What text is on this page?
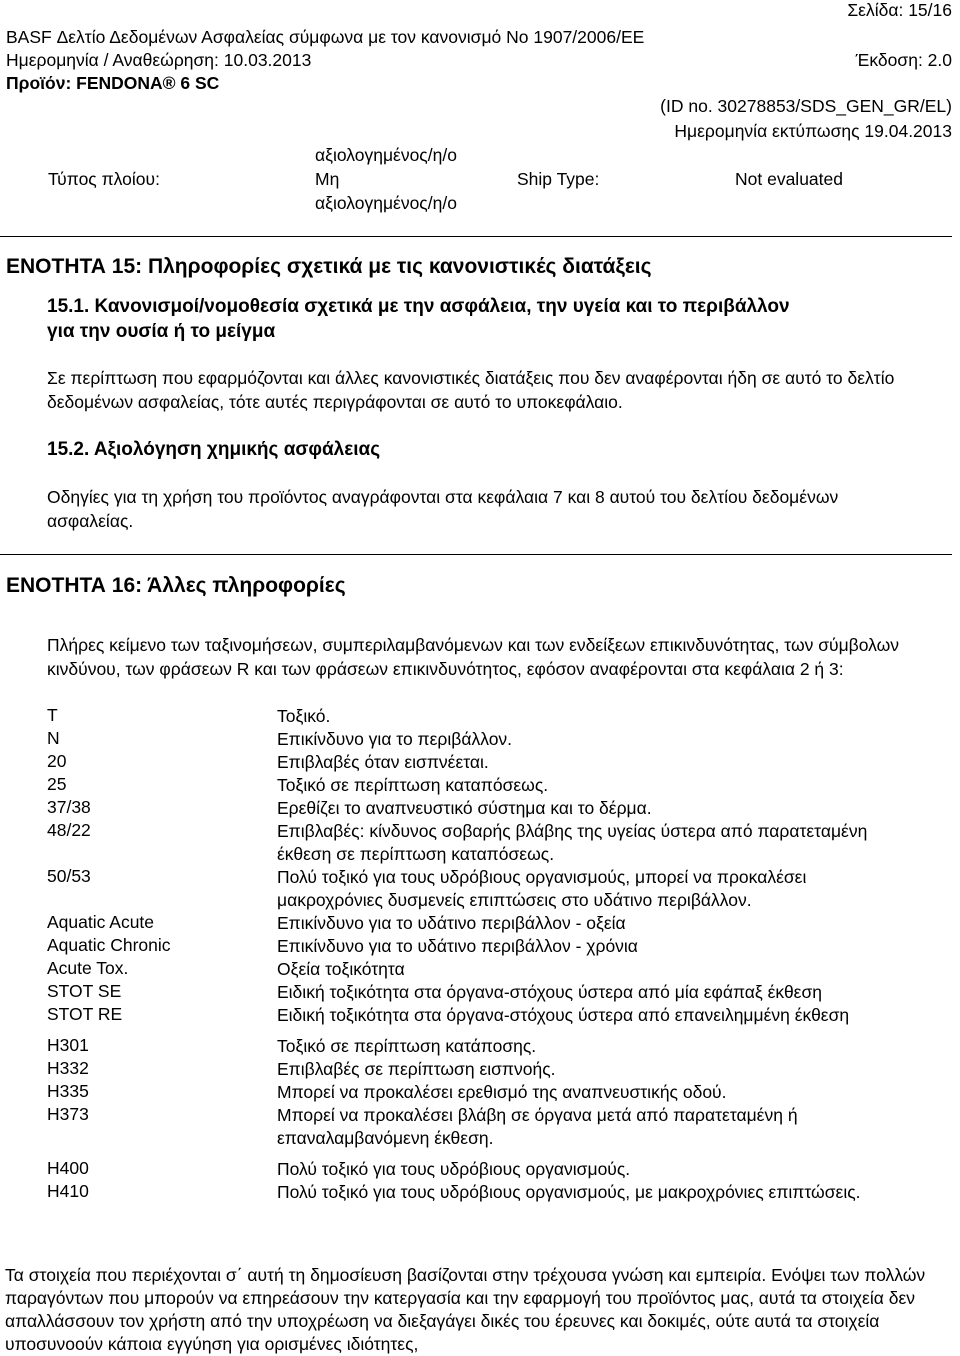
Σελίδα: 15/16
BASF Δελτίο Δεδομένων Ασφαλείας σύμφωνα με τον κανονισμό Νο 1907/2006/ΕΕ
Ημερομηνία / Αναθεώρηση: 10.03.2013	Έκδοση: 2.0
Προϊόν: FENDONA® 6 SC
(ID no. 30278853/SDS_GEN_GR/EL)
Ημερομηνία εκτύπωσης 19.04.2013
Τύπος πλοίου:
αξιολογημένος/η/ο
Μη
αξιολογημένος/η/ο
Ship Type:	Not evaluated
ΕΝΟΤΗΤΑ 15: Πληροφορίες σχετικά με τις κανονιστικές διατάξεις
15.1. Κανονισμοί/νομοθεσία σχετικά με την ασφάλεια, την υγεία και το περιβάλλον
για την ουσία ή το μείγμα
Σε περίπτωση που εφαρμόζονται και άλλες κανονιστικές διατάξεις που δεν αναφέρονται ήδη σε αυτό το δελτίο δεδομένων ασφαλείας, τότε αυτές περιγράφονται σε αυτό το υποκεφάλαιο.
15.2. Αξιολόγηση χημικής ασφάλειας
Οδηγίες για τη χρήση του προϊόντος αναγράφονται στα κεφάλαια 7 και 8 αυτού του δελτίου δεδομένων ασφαλείας.
ΕΝΟΤΗΤΑ 16: Άλλες πληροφορίες
Πλήρες κείμενο των ταξινομήσεων, συμπεριλαμβανόμενων και των ενδείξεων επικινδυνότητας, των σύμβολων κινδύνου, των φράσεων R και των φράσεων επικινδυνότητος, εφόσον αναφέρονται στα κεφάλαια 2 ή 3:
T	Τοξικό.
N	Επικίνδυνο για το περιβάλλον.
20	Επιβλαβές όταν εισπνέεται.
25	Τοξικό σε περίπτωση καταπόσεως.
37/38	Ερεθίζει το αναπνευστικό σύστημα και το δέρμα.
48/22	Επιβλαβές: κίνδυνος σοβαρής βλάβης της υγείας ύστερα από παρατεταμένη έκθεση σε περίπτωση καταπόσεως.
50/53	Πολύ τοξικό για τους υδρόβιους οργανισμούς, μπορεί να προκαλέσει μακροχρόνιες δυσμενείς επιπτώσεις στο υδάτινο περιβάλλον.
Aquatic Acute	Επικίνδυνο για το υδάτινο περιβάλλον - οξεία
Aquatic Chronic	Επικίνδυνο για το υδάτινο περιβάλλον - χρόνια
Acute Tox.	Οξεία τοξικότητα
STOT SE	Ειδική τοξικότητα στα όργανα-στόχους ύστερα από μία εφάπαξ έκθεση
STOT RE	Ειδική τοξικότητα στα όργανα-στόχους ύστερα από επανειλημμένη έκθεση
H301	Τοξικό σε περίπτωση κατάποσης.
H332	Επιβλαβές σε περίπτωση εισπνοής.
H335	Μπορεί να προκαλέσει ερεθισμό της αναπνευστικής οδού.
H373	Μπορεί να προκαλέσει βλάβη σε όργανα μετά από παρατεταμένη ή επαναλαμβανόμενη έκθεση.
H400	Πολύ τοξικό για τους υδρόβιους οργανισμούς.
H410	Πολύ τοξικό για τους υδρόβιους οργανισμούς, με μακροχρόνιες επιπτώσεις.
Τα στοιχεία που περιέχονται σ΄ αυτή τη δημοσίευση βασίζονται στην τρέχουσα γνώση και εμπειρία. Ενόψει των πολλών παραγόντων που μπορούν να επηρεάσουν την κατεργασία και την εφαρμογή του προϊόντος μας, αυτά τα στοιχεία δεν απαλλάσσουν τον χρήστη από την υποχρέωση να διεξαγάγει δικές του έρευνες και δοκιμές, ούτε αυτά τα στοιχεία υποσυνοούν κάποια εγγύηση για ορισμένες ιδιότητες,
